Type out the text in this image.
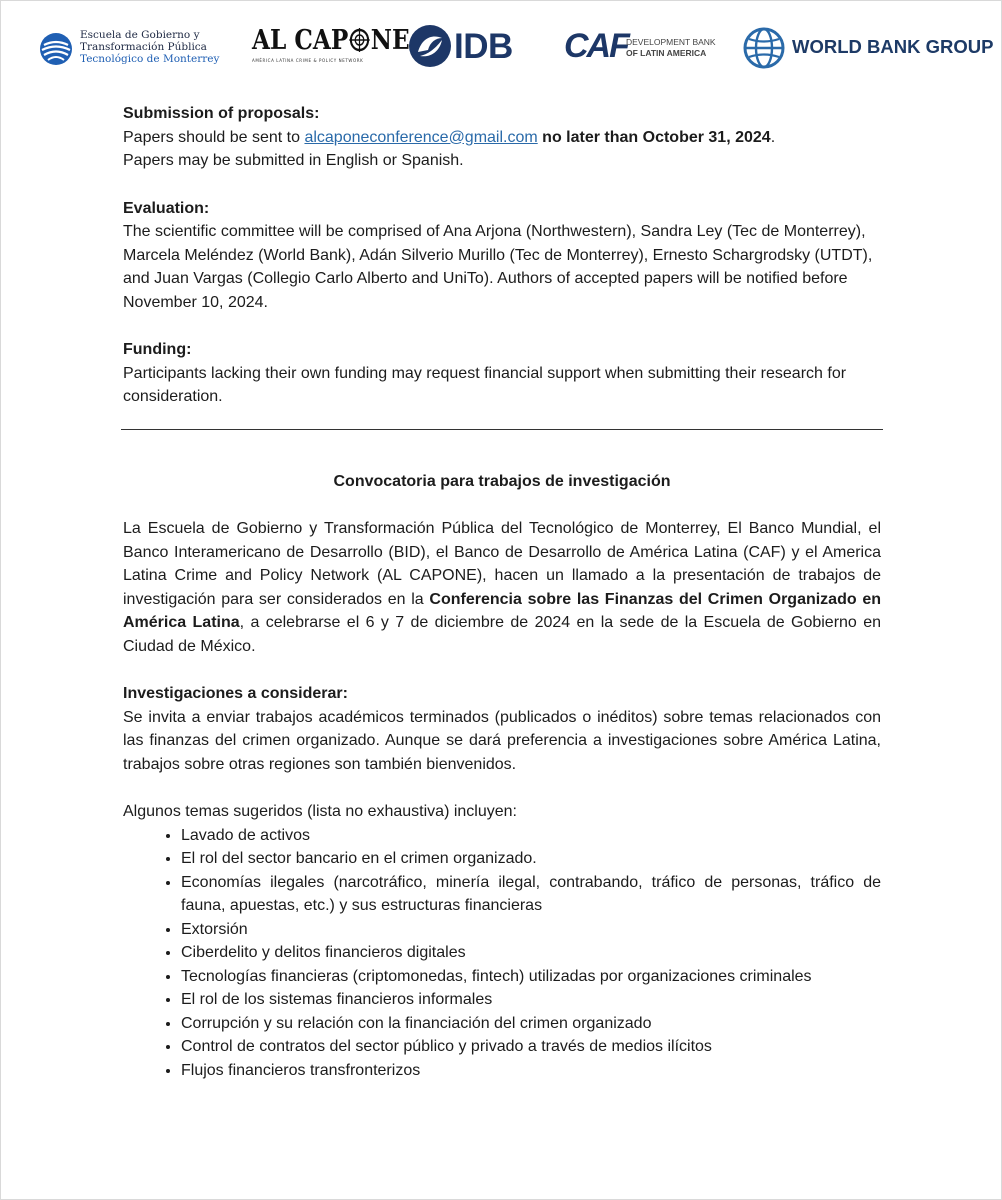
Escuela de Gobierno y
Transformación Pública
Tecnológico de Monterrey
AL CAP NE
AMÉRICA LATINA CRIME & POLICY NETWORK	IDB CAF
DEVELOPMENT BANK
OF LATIN AMERICA	WORLD BANK GROUP

Submission of proposals:

Papers should be sent to alcaponeconference@gmail.com no later than October 31, 2024.

Papers may be submitted in English or Spanish.

Evaluation:

The scientific committee will be comprised of Ana Arjona (Northwestern), Sandra Ley (Tec de Monterrey), Marcela Meléndez (World Bank), Adán Silverio Murillo (Tec de Monterrey), Ernesto Schargrodsky (UTDT), and Juan Vargas (Collegio Carlo Alberto and UniTo). Authors of accepted papers will be notified before November 10, 2024.

Funding:

Participants lacking their own funding may request financial support when submitting their research for consideration.

Convocatoria para trabajos de investigación

La Escuela de Gobierno y Transformación Pública del Tecnológico de Monterrey, El Banco Mundial, el Banco Interamericano de Desarrollo (BID), el Banco de Desarrollo de América Latina (CAF) y el America Latina Crime and Policy Network (AL CAPONE), hacen un llamado a la presentación de trabajos de investigación para ser considerados en la Conferencia sobre las Finanzas del Crimen Organizado en América Latina, a celebrarse el 6 y 7 de diciembre de 2024 en la sede de la Escuela de Gobierno en Ciudad de México.

Investigaciones a considerar:

Se invita a enviar trabajos académicos terminados (publicados o inéditos) sobre temas relacionados con las finanzas del crimen organizado. Aunque se dará preferencia a investigaciones sobre América Latina, trabajos sobre otras regiones son también bienvenidos.

Algunos temas sugeridos (lista no exhaustiva) incluyen:

• Lavado de activos
• El rol del sector bancario en el crimen organizado.
• Economías ilegales (narcotráfico, minería ilegal, contrabando, tráfico de personas, tráfico de fauna, apuestas, etc.) y sus estructuras financieras
• Extorsión
• Ciberdelito y delitos financieros digitales
• Tecnologías financieras (criptomonedas, fintech) utilizadas por organizaciones criminales
• El rol de los sistemas financieros informales
• Corrupción y su relación con la financiación del crimen organizado
• Control de contratos del sector público y privado a través de medios ilícitos
• Flujos financieros transfronterizos
